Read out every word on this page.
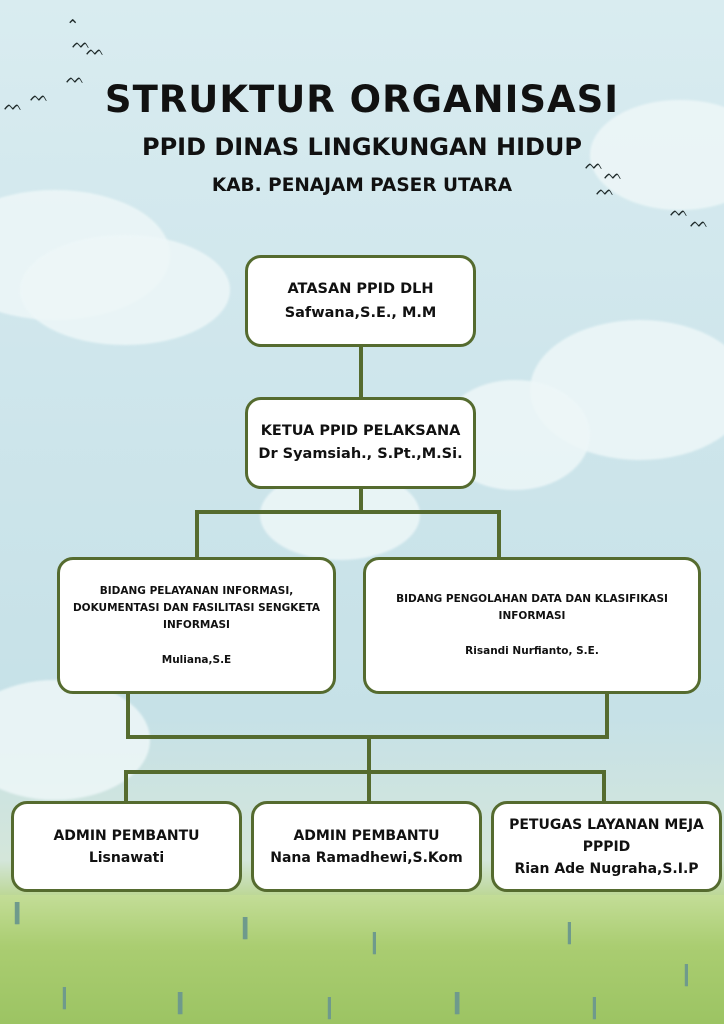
|||
|||
||	||
||	|||	||	|||	||
||
⌃
ᨓ
ᨓ
ᨓ
ᨓ
ᨓ
ᨓ
ᨓ
ᨓ
ᨓ
ᨓ
STRUKTUR ORGANISASI
PPID DINAS LINGKUNGAN HIDUP
KAB. PENAJAM PASER UTARA
ATASAN PPID DLH
Safwana,S.E., M.M
KETUA PPID PELAKSANA
Dr Syamsiah., S.Pt.,M.Si.
BIDANG PELAYANAN INFORMASI,
DOKUMENTASI DAN FASILITASI SENGKETA
INFORMASI
Muliana,S.E
BIDANG PENGOLAHAN DATA DAN KLASIFIKASI
INFORMASI
Risandi Nurfianto, S.E.
ADMIN PEMBANTU
Lisnawati
ADMIN PEMBANTU
Nana Ramadhewi,S.Kom
PETUGAS LAYANAN MEJA
PPPID
Rian Ade Nugraha,S.I.P
